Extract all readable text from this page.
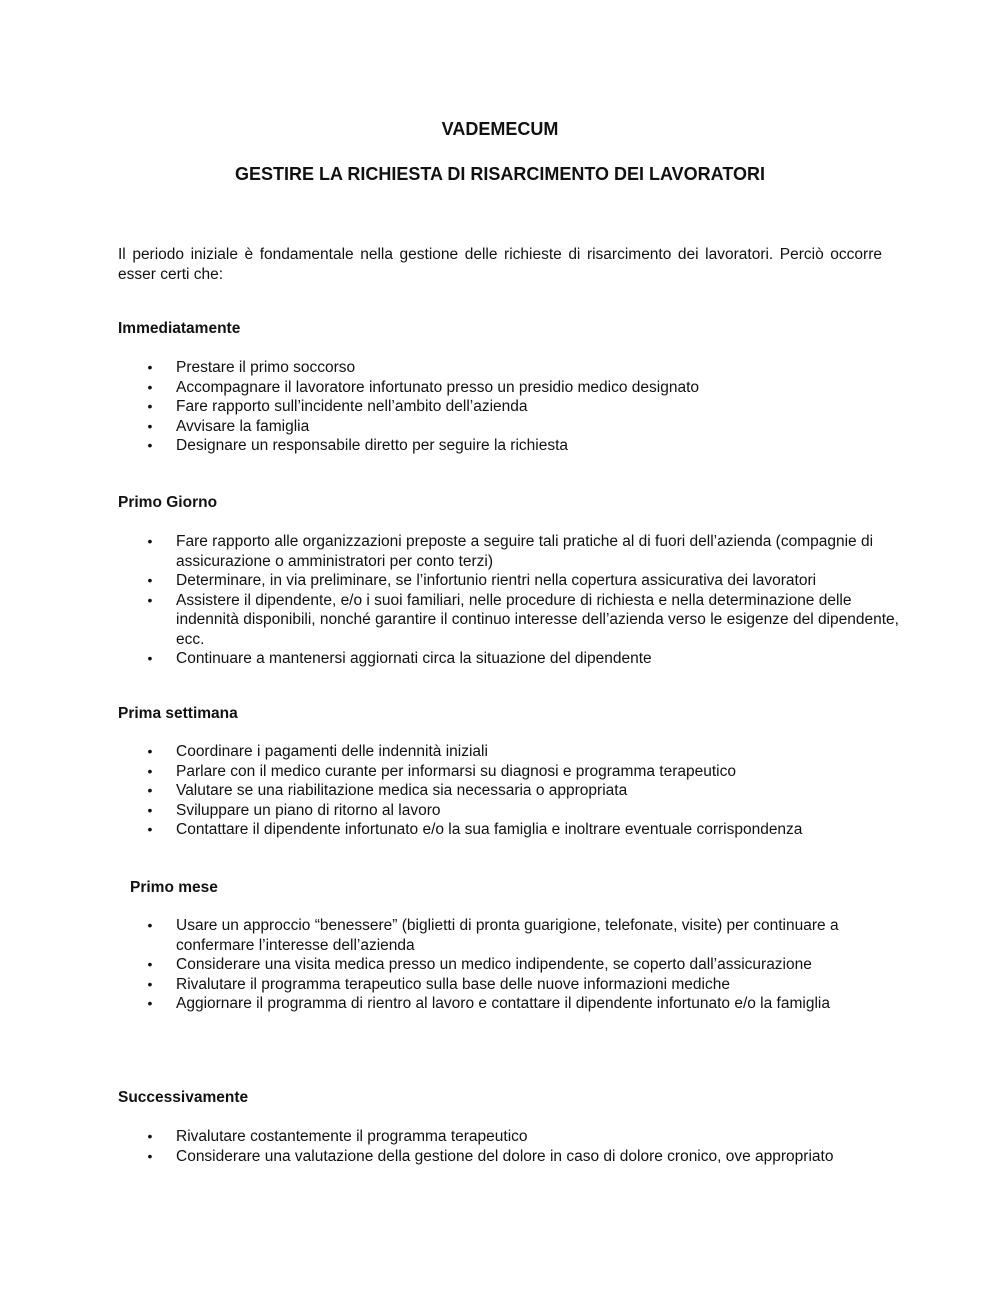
VADEMECUM
GESTIRE LA RICHIESTA DI RISARCIMENTO DEI LAVORATORI

Il periodo iniziale è fondamentale nella gestione delle richieste di risarcimento dei lavoratori. Perciò occorre esser certi che:

Immediatamente
• Prestare il primo soccorso
• Accompagnare il lavoratore infortunato presso un presidio medico designato
• Fare rapporto sull’incidente nell’ambito dell’azienda
• Avvisare la famiglia
• Designare un responsabile diretto per seguire la richiesta
Primo Giorno
• Fare rapporto alle organizzazioni preposte a seguire tali pratiche al di fuori dell’azienda (compagnie di assicurazione o amministratori per conto terzi)
• Determinare, in via preliminare, se l’infortunio rientri nella copertura assicurativa dei lavoratori
• Assistere il dipendente, e/o i suoi familiari, nelle procedure di richiesta e nella determinazione delle indennità disponibili, nonché garantire il continuo interesse dell’azienda verso le esigenze del dipendente, ecc.
• Continuare a mantenersi aggiornati circa la situazione del dipendente
Prima settimana
• Coordinare i pagamenti delle indennità iniziali
• Parlare con il medico curante per informarsi su diagnosi e programma terapeutico
• Valutare se una riabilitazione medica sia necessaria o appropriata
• Sviluppare un piano di ritorno al lavoro
• Contattare il dipendente infortunato e/o la sua famiglia e inoltrare eventuale corrispondenza
Primo mese
• Usare un approccio “benessere” (biglietti di pronta guarigione, telefonate, visite) per continuare a confermare l’interesse dell’azienda
• Considerare una visita medica presso un medico indipendente, se coperto dall’assicurazione
• Rivalutare il programma terapeutico sulla base delle nuove informazioni mediche
• Aggiornare il programma di rientro al lavoro e contattare il dipendente infortunato e/o la famiglia
Successivamente
• Rivalutare costantemente il programma terapeutico
• Considerare una valutazione della gestione del dolore in caso di dolore cronico, ove appropriato
